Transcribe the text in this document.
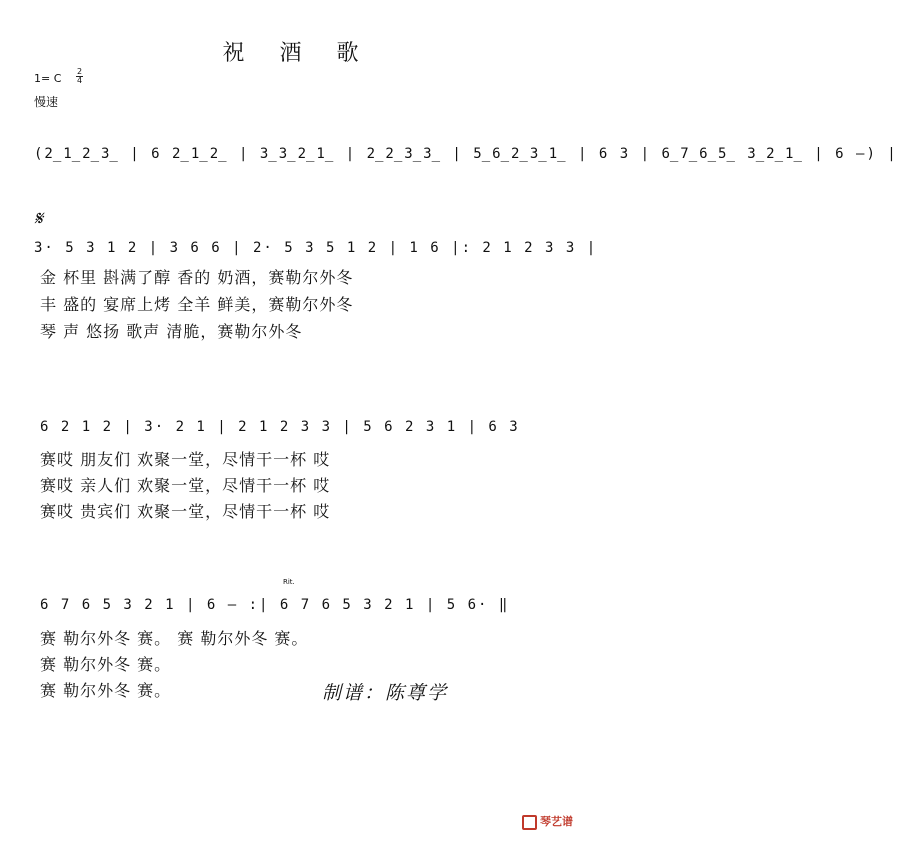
祝 酒 歌
1= C
2
4
慢速
(2̲1̲2̲3̲ | 6 2̲1̲2̲ | 3̲3̲2̲1̲ | 2̲2̲3̲3̲ | 5̲6̲2̲3̲1̲ | 6 3 | 6̲7̲6̲5̲ 3̲2̲1̲ | 6 —) |
𝄋
3· 5 3 1 2 | 3 6 6 | 2· 5 3 5 1 2 | 1 6 |: 2 1 2 3 3 |
金 杯里 斟满了醇 香的 奶酒，赛勒尔外冬
丰 盛的 宴席上烤 全羊 鲜美，赛勒尔外冬
琴 声 悠扬 歌声 清脆，赛勒尔外冬
6 2 1 2 | 3· 2 1 | 2 1 2 3 3 | 5 6 2 3 1 | 6 3
赛哎 朋友们 欢聚一堂，尽情干一杯 哎
赛哎 亲人们 欢聚一堂，尽情干一杯 哎
赛哎 贵宾们 欢聚一堂，尽情干一杯 哎
Rit.
6 7 6 5 3 2 1 | 6 — :| 6 7 6 5 3 2 1 | 5 6· ‖
赛 勒尔外冬 赛。 赛 勒尔外冬 赛。
赛 勒尔外冬 赛。
赛 勒尔外冬 赛。	制谱：陈尊学
琴艺谱
